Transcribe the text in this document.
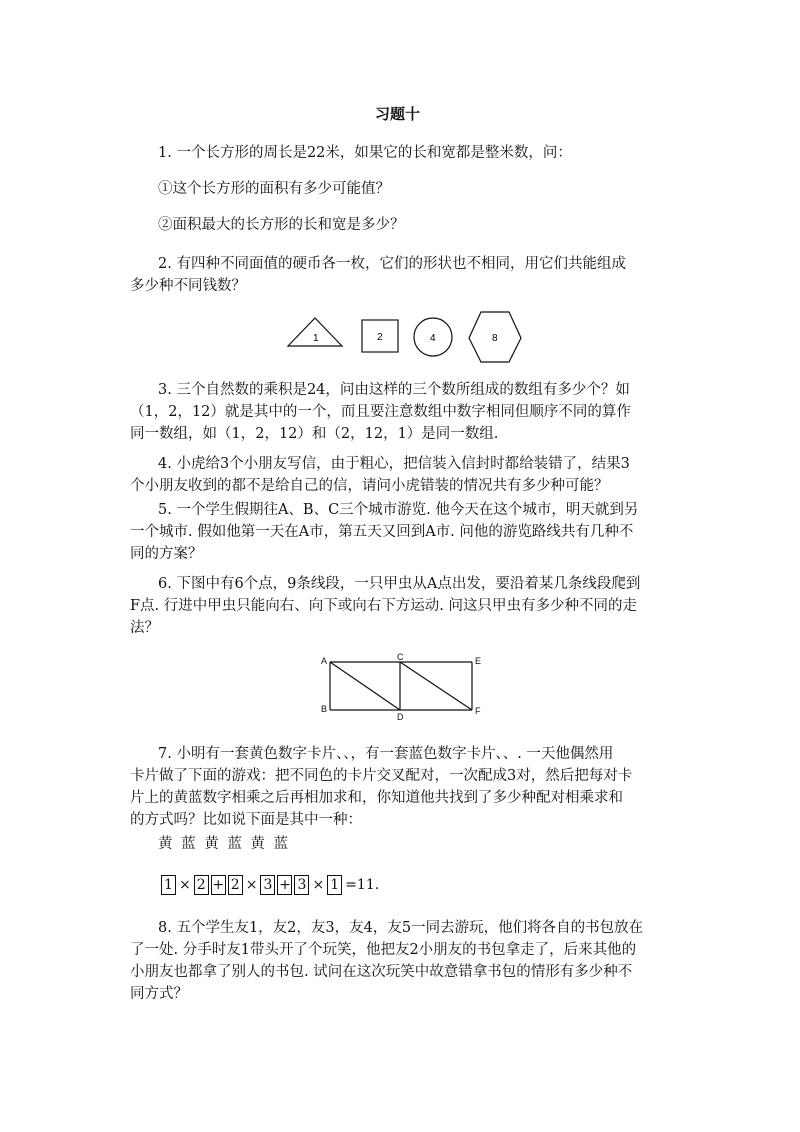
习题十
1. 一个长方形的周长是22米，如果它的长和宽都是整米数，问：
①这个长方形的面积有多少可能值？
②面积最大的长方形的长和宽是多少？
2. 有四种不同面值的硬币各一枚，它们的形状也不相同，用它们共能组成
多少种不同钱数？
1	2	4	8
3. 三个自然数的乘积是24，问由这样的三个数所组成的数组有多少个？如
（1，2，12）就是其中的一个，而且要注意数组中数字相同但顺序不同的算作
同一数组，如（1，2，12）和（2，12，1）是同一数组.
4. 小虎给3个小朋友写信，由于粗心，把信装入信封时都给装错了，结果3
个小朋友收到的都不是给自己的信，请问小虎错装的情况共有多少种可能？
5. 一个学生假期往A、B、C三个城市游览. 他今天在这个城市，明天就到另
一个城市. 假如他第一天在A市，第五天又回到A市. 问他的游览路线共有几种不
同的方案？
6. 下图中有6个点，9条线段，一只甲虫从A点出发，要沿着某几条线段爬到
F点. 行进中甲虫只能向右、向下或向右下方运动. 问这只甲虫有多少种不同的走
法？
A
B
C
D
E
F
7. 小明有一套黄色数字卡片、、，有一套蓝色数字卡片、、. 一天他偶然用
卡片做了下面的游戏：把不同色的卡片交叉配对，一次配成3对，然后把每对卡
片上的黄蓝数字相乘之后再相加求和，你知道他共找到了多少种配对相乘求和
的方式吗？比如说下面是其中一种：
黄 蓝 黄 蓝 黄 蓝
1 × 2 + 2 × 3 + 3 × 1 =11.
8. 五个学生友1，友2，友3，友4，友5一同去游玩，他们将各自的书包放在
了一处. 分手时友1带头开了个玩笑，他把友2小朋友的书包拿走了，后来其他的
小朋友也都拿了别人的书包. 试问在这次玩笑中故意错拿书包的情形有多少种不
同方式？
